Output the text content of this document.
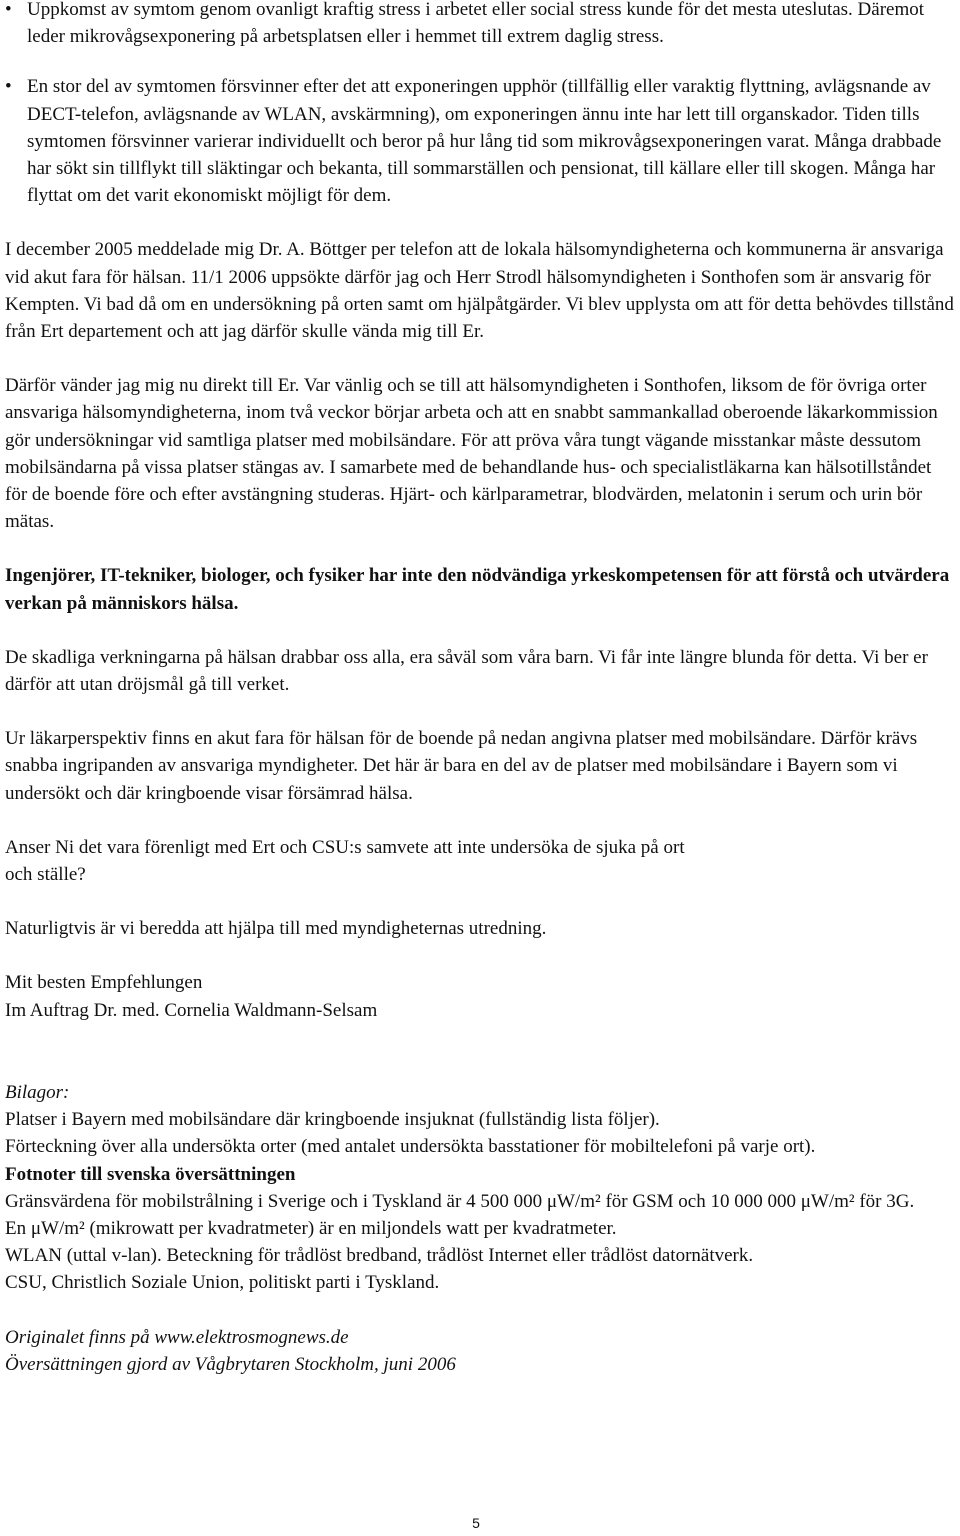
• Uppkomst av symtom genom ovanligt kraftig stress i arbetet eller social stress kunde för det mesta uteslutas. Däremot leder mikrovågsexponering på arbetsplatsen eller i hemmet till extrem daglig stress.

• En stor del av symtomen försvinner efter det att exponeringen upphör (tillfällig eller varaktig flyttning, avlägsnande av DECT-telefon, avlägsnande av WLAN, avskärmning), om exponeringen ännu inte har lett till organskador. Tiden tills symtomen försvinner varierar individuellt och beror på hur lång tid som mikrovågsexponeringen varat. Många drabbade har sökt sin tillflykt till släktingar och bekanta, till sommarställen och pensionat, till källare eller till skogen. Många har flyttat om det varit ekonomiskt möjligt för dem.

I december 2005 meddelade mig Dr. A. Böttger per telefon att de lokala hälsomyndigheterna och kommunerna är ansvariga vid akut fara för hälsan. 11/1 2006 uppsökte därför jag och Herr Strodl hälsomyndigheten i Sonthofen som är ansvarig för Kempten. Vi bad då om en undersökning på orten samt om hjälpåtgärder. Vi blev upplysta om att för detta behövdes tillstånd från Ert departement och att jag därför skulle vända mig till Er.

Därför vänder jag mig nu direkt till Er. Var vänlig och se till att hälsomyndigheten i Sonthofen, liksom de för övriga orter ansvariga hälsomyndigheterna, inom två veckor börjar arbeta och att en snabbt sammankallad oberoende läkarkommission gör undersökningar vid samtliga platser med mobilsändare. För att pröva våra tungt vägande misstankar måste dessutom mobilsändarna på vissa platser stängas av. I samarbete med de behandlande hus- och specialistläkarna kan hälsotillståndet för de boende före och efter avstängning studeras. Hjärt- och kärlparametrar, blodvärden, melatonin i serum och urin bör mätas.

Ingenjörer, IT-tekniker, biologer, och fysiker har inte den nödvändiga yrkeskompetensen för att förstå och utvärdera verkan på människors hälsa.

De skadliga verkningarna på hälsan drabbar oss alla, era såväl som våra barn. Vi får inte längre blunda för detta. Vi ber er därför att utan dröjsmål gå till verket.

Ur läkarperspektiv finns en akut fara för hälsan för de boende på nedan angivna platser med mobilsändare. Därför krävs snabba ingripanden av ansvariga myndigheter. Det här är bara en del av de platser med mobilsändare i Bayern som vi undersökt och där kringboende visar försämrad hälsa.

Anser Ni det vara förenligt med Ert och CSU:s samvete att inte undersöka de sjuka på ort

och ställe?

Naturligtvis är vi beredda att hjälpa till med myndigheternas utredning.

Mit besten Empfehlungen

Im Auftrag Dr. med. Cornelia Waldmann-Selsam

Bilagor:

Platser i Bayern med mobilsändare där kringboende insjuknat (fullständig lista följer).

Förteckning över alla undersökta orter (med antalet undersökta basstationer för mobiltelefoni på varje ort).

Fotnoter till svenska översättningen

Gränsvärdena för mobilstrålning i Sverige och i Tyskland är 4 500 000 μW/m² för GSM och 10 000 000 μW/m² för 3G.

En μW/m² (mikrowatt per kvadratmeter) är en miljondels watt per kvadratmeter.

WLAN (uttal v-lan). Beteckning för trådlöst bredband, trådlöst Internet eller trådlöst datornätverk.

CSU, Christlich Soziale Union, politiskt parti i Tyskland.

Originalet finns på www.elektrosmognews.de

Översättningen gjord av Vågbrytaren Stockholm, juni 2006

5
